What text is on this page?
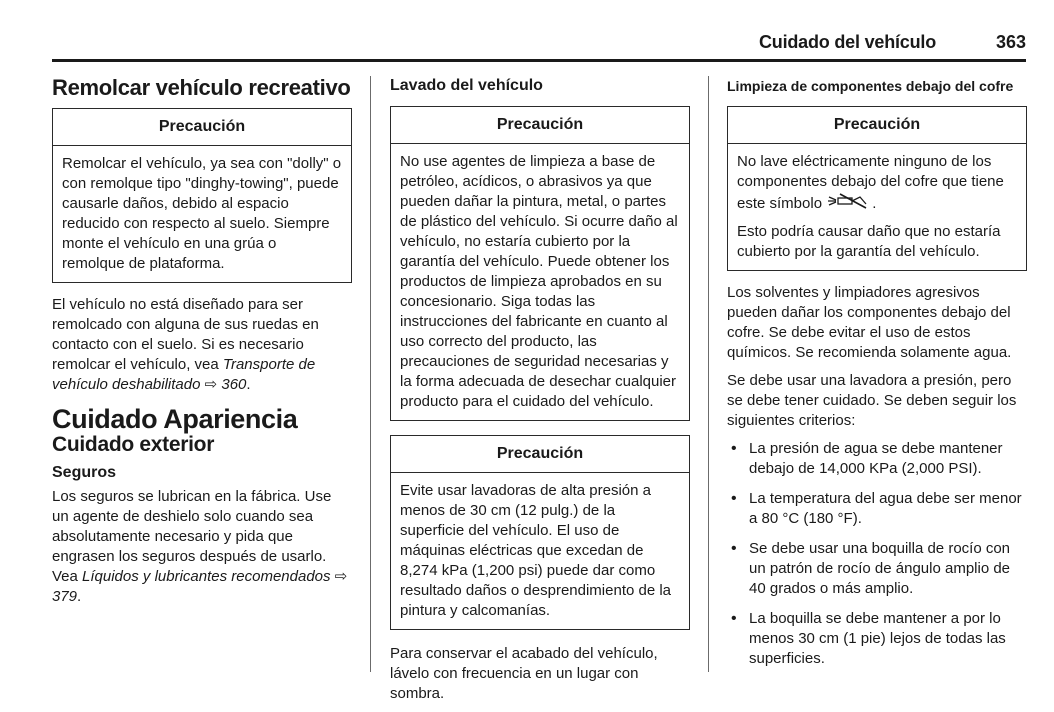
Cuidado del vehículo	363
Remolcar vehículo recreativo
Precaución

Remolcar el vehículo, ya sea con "dolly" o con remolque tipo "dinghy-towing", puede causarle daños, debido al espacio reducido con respecto al suelo. Siempre monte el vehículo en una grúa o remolque de plataforma.

El vehículo no está diseñado para ser remolcado con alguna de sus ruedas en contacto con el suelo. Si es necesario remolcar el vehículo, vea Transporte de vehículo deshabilitado ⇨ 360.

Cuidado Apariencia
Cuidado exterior
Seguros

Los seguros se lubrican en la fábrica. Use un agente de deshielo solo cuando sea absolutamente necesario y pida que engrasen los seguros después de usarlo. Vea Líquidos y lubricantes recomendados ⇨ 379.

Lavado del vehículo
Precaución

No use agentes de limpieza a base de petróleo, acídicos, o abrasivos ya que pueden dañar la pintura, metal, o partes de plástico del vehículo. Si ocurre daño al vehículo, no estaría cubierto por la garantía del vehículo. Puede obtener los productos de limpieza aprobados en su concesionario. Siga todas las instrucciones del fabricante en cuanto al uso correcto del producto, las precauciones de seguridad necesarias y la forma adecuada de desechar cualquier producto para el cuidado del vehículo.

Precaución

Evite usar lavadoras de alta presión a menos de 30 cm (12 pulg.) de la superficie del vehículo. El uso de máquinas eléctricas que excedan de 8,274 kPa (1,200 psi) puede dar como resultado daños o desprendimiento de la pintura y calcomanías.

Para conservar el acabado del vehículo, lávelo con frecuencia en un lugar con sombra.

Limpieza de componentes debajo del cofre
Precaución

No lave eléctricamente ninguno de los componentes debajo del cofre que tiene este símbolo	.

Esto podría causar daño que no estaría cubierto por la garantía del vehículo.

Los solventes y limpiadores agresivos pueden dañar los componentes debajo del cofre. Se debe evitar el uso de estos químicos. Se recomienda solamente agua.

Se debe usar una lavadora a presión, pero se debe tener cuidado. Se deben seguir los siguientes criterios:

• La presión de agua se debe mantener debajo de 14,000 KPa (2,000 PSI).
• La temperatura del agua debe ser menor a 80 °C (180 °F).
• Se debe usar una boquilla de rocío con un patrón de rocío de ángulo amplio de 40 grados o más amplio.
• La boquilla se debe mantener a por lo menos 30 cm (1 pie) lejos de todas las superficies.
